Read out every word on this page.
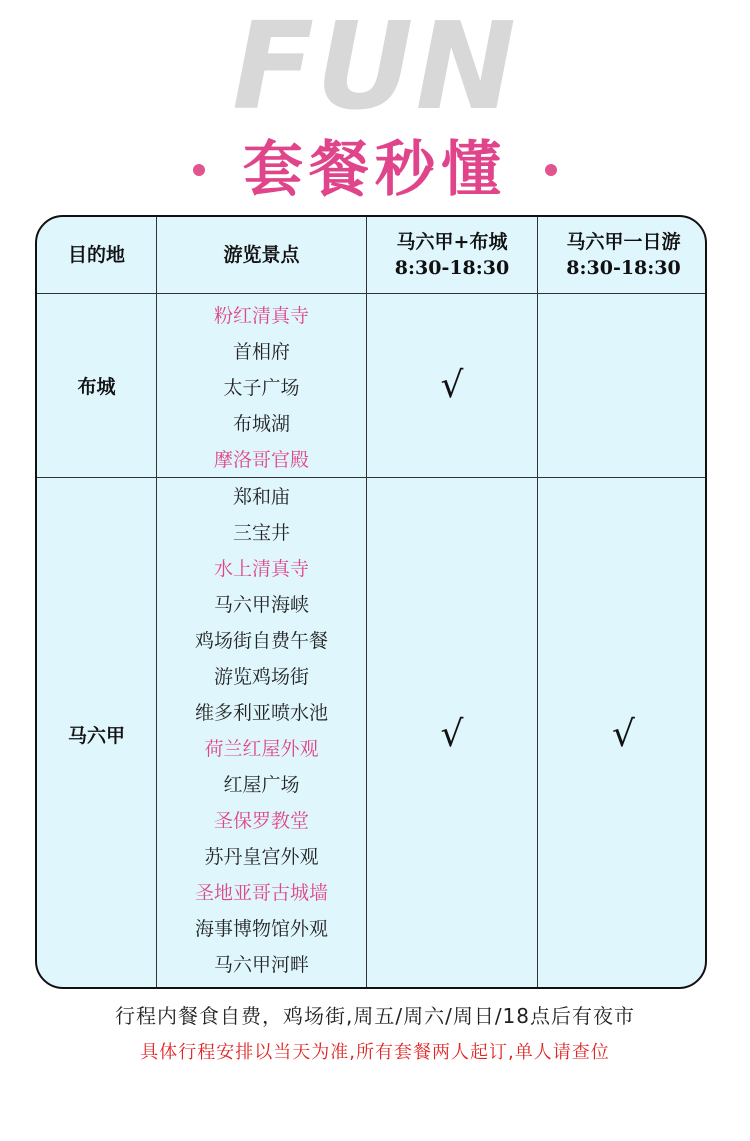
FUN
套餐秒懂
目的地	游览景点
马六甲+布城
8:30-18:30
马六甲一日游
8:30-18:30
布城
粉红清真寺
首相府
太子广场
布城湖
摩洛哥官殿
√
马六甲
郑和庙
三宝井
水上清真寺
马六甲海峡
鸡场街自费午餐
游览鸡场街
维多利亚喷水池
荷兰红屋外观
红屋广场
圣保罗教堂
苏丹皇宫外观
圣地亚哥古城墙
海事博物馆外观
马六甲河畔
√	√
行程内餐食自费，鸡场街,周五/周六/周日/18点后有夜市
具体行程安排以当天为准,所有套餐两人起订,单人请查位
